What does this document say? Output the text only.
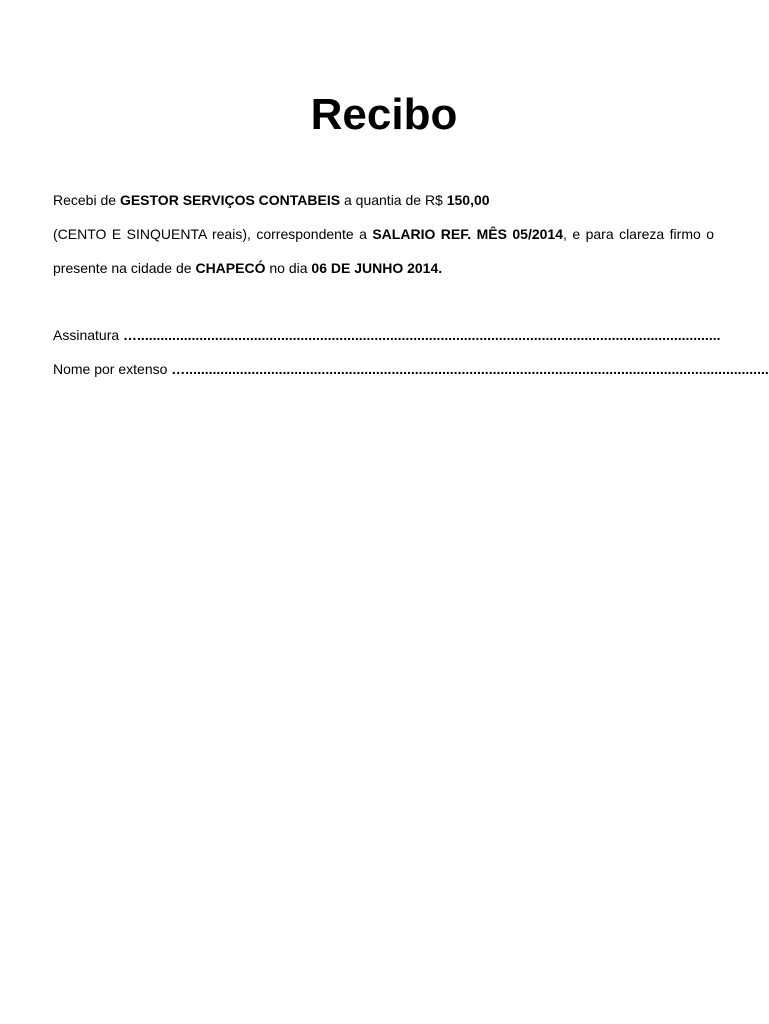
Recibo
Recebi de GESTOR SERVIÇOS CONTABEIS a quantia de R$ 150,00
(CENTO E SINQUENTA reais), correspondente a SALARIO REF. MÊS 05/2014, e para clareza firmo o
presente na cidade de CHAPECÓ no dia 06 DE JUNHO 2014.
Assinatura …......................................................................................................................................................
Nome por extenso …......................................................................................................................................................
